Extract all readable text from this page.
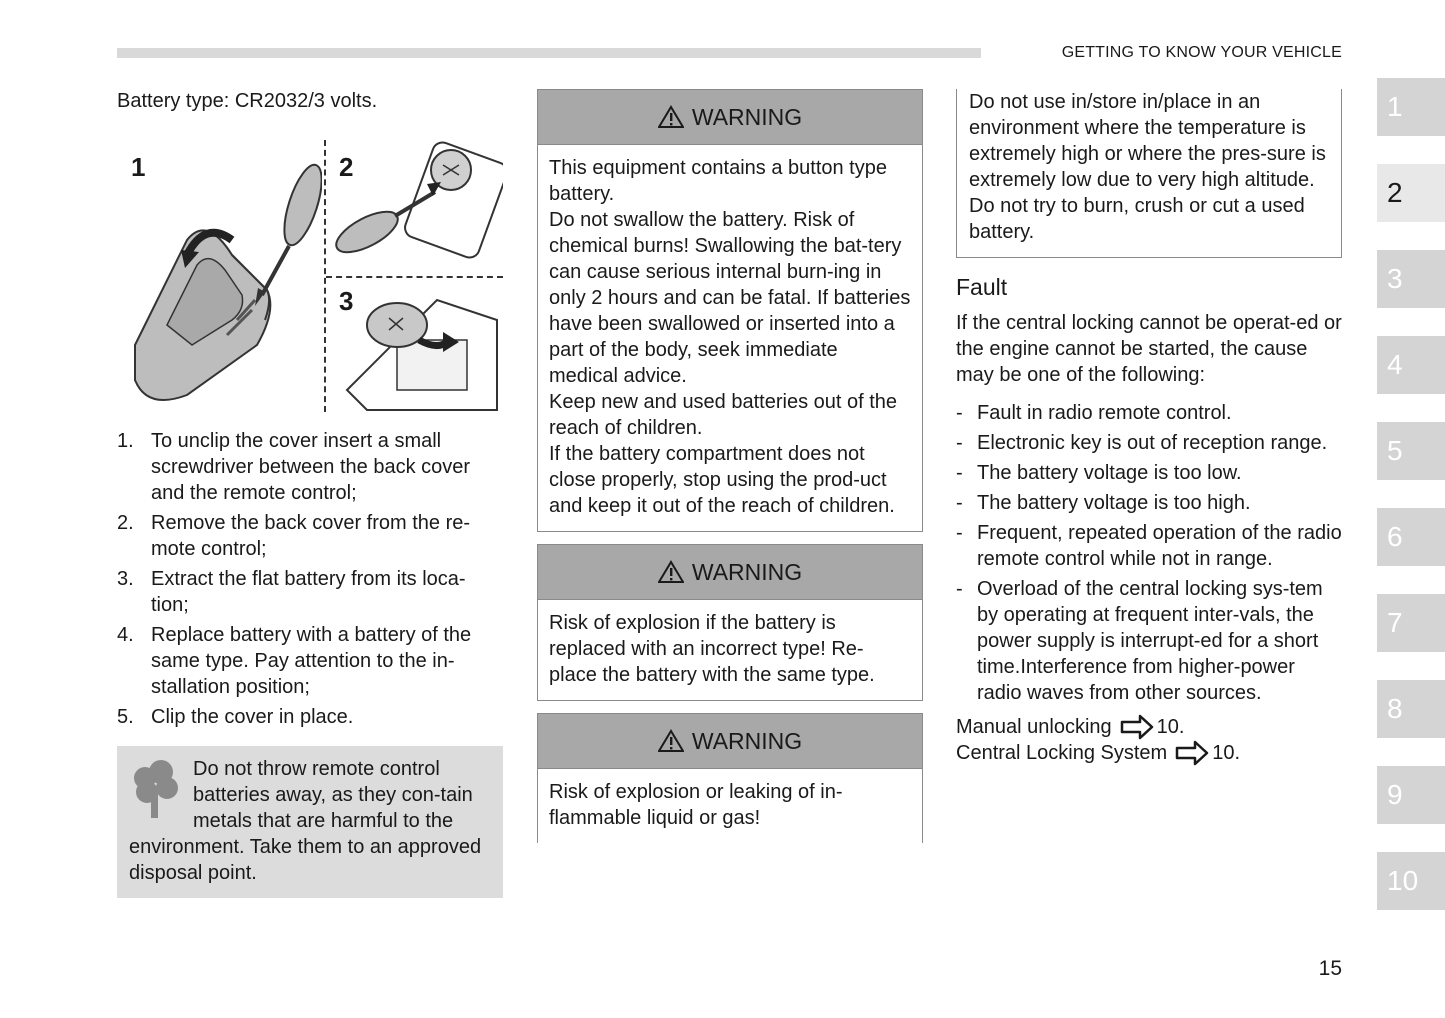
GETTING TO KNOW YOUR VEHICLE

Battery type: CR2032/3 volts.

1	2
3
1. To unclip the cover insert a small screwdriver between the back cover and the remote control;
2. Remove the back cover from the re-mote control;
3. Extract the flat battery from its loca-tion;
4. Replace battery with a battery of the same type. Pay attention to the in-stallation position;
5. Clip the cover in place.
Do not throw remote control batteries away, as they con-tain metals that are harmful to the environment. Take them to an approved disposal point.
WARNING

This equipment contains a button type battery.

Do not swallow the battery. Risk of chemical burns! Swallowing the bat-tery can cause serious internal burn-ing in only 2 hours and can be fatal. If batteries have been swallowed or inserted into a part of the body, seek immediate medical advice.

Keep new and used batteries out of the reach of children.

If the battery compartment does not close properly, stop using the prod-uct and keep it out of the reach of children.

WARNING

Risk of explosion if the battery is replaced with an incorrect type! Re-place the battery with the same type.

WARNING

Risk of explosion or leaking of in-flammable liquid or gas!

Do not use in/store in/place in an environment where the temperature is extremely high or where the pres-sure is extremely low due to very high altitude.

Do not try to burn, crush or cut a used battery.

Fault

If the central locking cannot be operat-ed or the engine cannot be started, the cause may be one of the following:

- Fault in radio remote control.
- Electronic key is out of reception range.
- The battery voltage is too low.
- The battery voltage is too high.
- Frequent, repeated operation of the radio remote control while not in range.
- Overload of the central locking sys-tem by operating at frequent inter-vals, the power supply is interrupt-ed for a short time.Interference from higher-power radio waves from other sources.
Manual unlocking 10.
Central Locking System 10.
1
2
3
4
5
6
7
8
9
10
15
